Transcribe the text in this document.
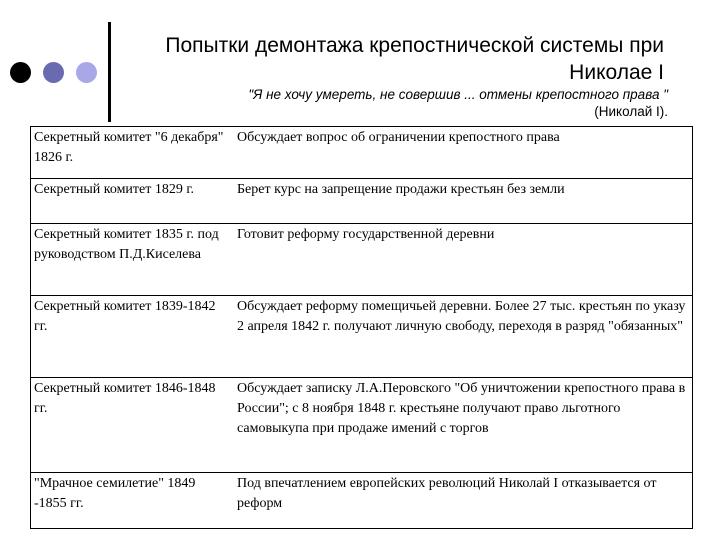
Попытки демонтажа крепостнической системы при
Николае I
"Я не хочу умереть, не совершив ... отмены крепостного права "
(Николай I).
Секретный комитет "6 декабря" 1826 г.	Обсуждает вопрос об ограничении крепостного права
Секретный комитет 1829 г.	Берет курс на запрещение продажи крестьян без земли
Секретный комитет 1835 г. под руководством П.Д.Киселева	Готовит реформу государственной деревни
Секретный комитет 1839-1842 гг.	Обсуждает реформу помещичьей деревни. Более 27 тыс. крестьян по указу 2 апреля 1842 г. получают личную свободу, переходя в разряд "обязанных"
Секретный комитет 1846-1848 гг.	Обсуждает записку Л.А.Перовского "Об уничтожении крепостного права в России"; с 8 ноября 1848 г. крестьяне получают право льготного самовыкупа при продаже имений с торгов
"Мрачное семилетие" 1849 -1855 гг.	Под впечатлением европейских революций Николай I отказывается от реформ
